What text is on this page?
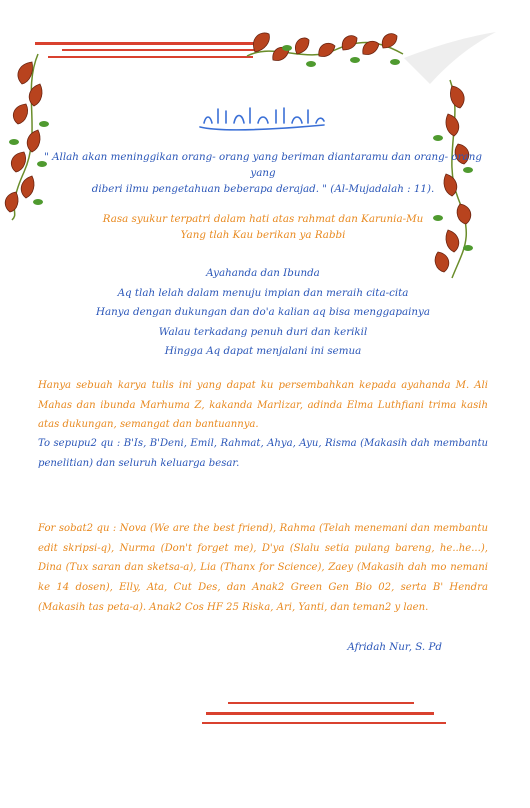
" Allah akan meninggikan orang- orang yang beriman diantaramu dan orang- orang yang
diberi ilmu pengetahuan beberapa derajad. " (Al-Mujadalah : 11).
Rasa syukur terpatri dalam hati atas rahmat dan Karunia-Mu
Yang tlah Kau berikan ya Rabbi
Ayahanda dan Ibunda
Aq tlah lelah dalam menuju impian dan meraih cita-cita
Hanya dengan dukungan dan do'a kalian aq bisa menggapainya
Walau terkadang penuh duri dan kerikil
Hingga Aq dapat menjalani ini semua
Hanya sebuah karya tulis ini yang dapat ku persembahkan kepada ayahanda M. Ali Mahas dan ibunda Marhuma Z, kakanda Marlizar, adinda Elma Luthfiani trima kasih atas dukungan, semangat dan bantuannya.
To sepupu2 qu : B'Is, B'Deni, Emil, Rahmat, Ahya, Ayu, Risma (Makasih dah membantu penelitian) dan seluruh keluarga besar.
For sobat2 qu : Nova (We are the best friend), Rahma (Telah menemani dan membantu edit skripsi-q), Nurma (Don't forget me), D'ya (Slalu setia pulang bareng, he..he...), Dina (Tux saran dan sketsa-a), Lia (Thanx for Science), Zaey (Makasih dah mo nemani ke 14 dosen), Elly, Ata, Cut Des, dan Anak2 Green Gen Bio 02, serta B' Hendra (Makasih tas peta-a). Anak2 Cos HF 25 Riska, Ari, Yanti, dan teman2 y laen.
Afridah Nur, S. Pd
